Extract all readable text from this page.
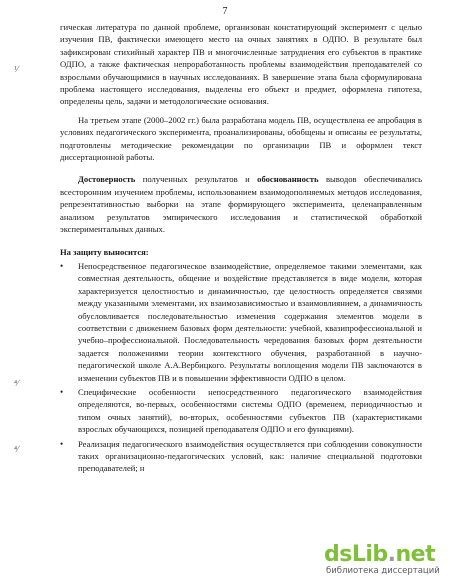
7
¹⁄
⁴⁄
⁴⁄

гическая литература по данной проблеме, организован констатирующий эксперимент с целью изучения ПВ, фактически имеющего место на очных занятиях в ОДПО. В результате был зафиксирован стихийный характер ПВ и многочисленные затруднения его субъектов в практике ОДПО, а также фактическая непроработанность проблемы взаимодействия преподавателей со взрослыми обучающимися в научных исследованиях. В завершение этапа была сформулирована проблема настоящего исследования, выделены его объект и предмет, оформлена гипотеза, определены цель, задачи и методологические основания.

На третьем этапе (2000–2002 гг.) была разработана модель ПВ, осуществлена ее апробация в условиях педагогического эксперимента, проанализированы, обобщены и описаны ее результаты, подготовлены методические рекомендации по организации ПВ и оформлен текст диссертационной работы.

Достоверность полученных результатов и обоснованность выводов обеспечивались всесторонним изучением проблемы, использованием взаимодополняемых методов исследования, репрезентативностью выборки на этапе формирующего эксперимента, целенаправленным анализом результатов эмпирического исследования и статистической обработкой экспериментальных данных.

На защиту выносится:

• Непосредственное педагогическое взаимодействие, определяемое такими элементами, как совместная деятельность, общение и воздействие представляется в виде модели, которая характеризуется целостностью и динамичностью, где целостность определяется связями между указанными элементами, их взаимозависимостью и взаимовлиянием, а динамичность обусловливается последовательностью изменения содержания элементов модели в соответствии с движением базовых форм деятельности: учебной, квазипрофессиональной и учебно–профессиональной. Последовательность чередования базовых форм деятельности задается положениями теории контекстного обучения, разработанной в научно-педагогической школе А.А.Вербицкого. Результаты воплощения модели ПВ заключаются в изменении субъектов ПВ и в повышении эффективности ОДПО в целом.
• Специфические особенности непосредственного педагогического взаимодействия определяются, во-первых, особенностями системы ОДПО (временем, периодичностью и типом очных занятий), во-вторых, особенностями субъектов ПВ (характеристиками взрослых обучающихся, позицией преподавателя ОДПО и его функциями).
• Реализация педагогического взаимодействия осуществляется при соблюдении совокупности таких организационно-педагогических условий, как: наличие специальной подготовки преподавателей; н
dsLib.net
библиотека диссертаций
